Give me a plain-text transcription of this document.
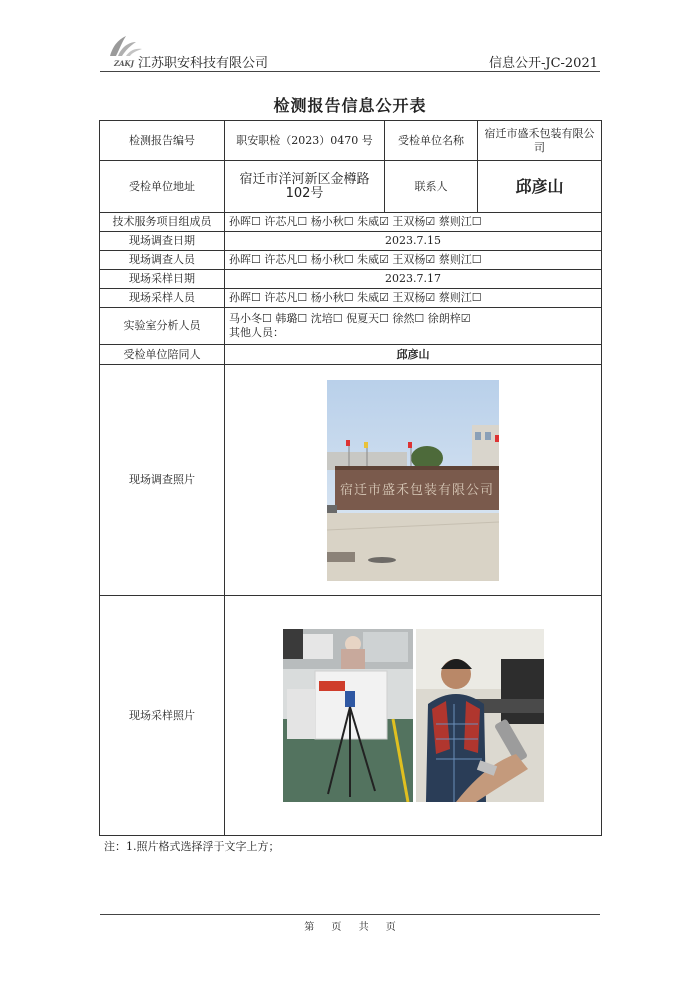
ZAKJ 江苏职安科技有限公司	信息公开-JC-2021
检测报告信息公开表
检测报告编号	职安职检（2023）0470 号	受检单位名称	宿迁市盛禾包装有限公司
受检单位地址	宿迁市洋河新区金樽路102号	联系人	邱彦山
技术服务项目组成员	孙晖☐ 许芯凡☐ 杨小秋☐ 朱威☑ 王双杨☑ 蔡则江☐		
现场调查日期	2023.7.15		
现场调查人员	孙晖☐ 许芯凡☐ 杨小秋☐ 朱威☑ 王双杨☑ 蔡则江☐		
现场采样日期	2023.7.17		
现场采样人员	孙晖☐ 许芯凡☐ 杨小秋☐ 朱威☑ 王双杨☑ 蔡则江☐		
实验室分析人员	马小冬☐ 韩璐☐ 沈培☐ 倪夏天☐ 徐然☐ 徐朗梓☑
其他人员：		

受检单位陪同人	邱彦山		
现场调查照片	宿迁市盛禾包装有限公司		

现场采样照片	
注：1.照片格式选择浮于文字上方；
第 页 共 页
